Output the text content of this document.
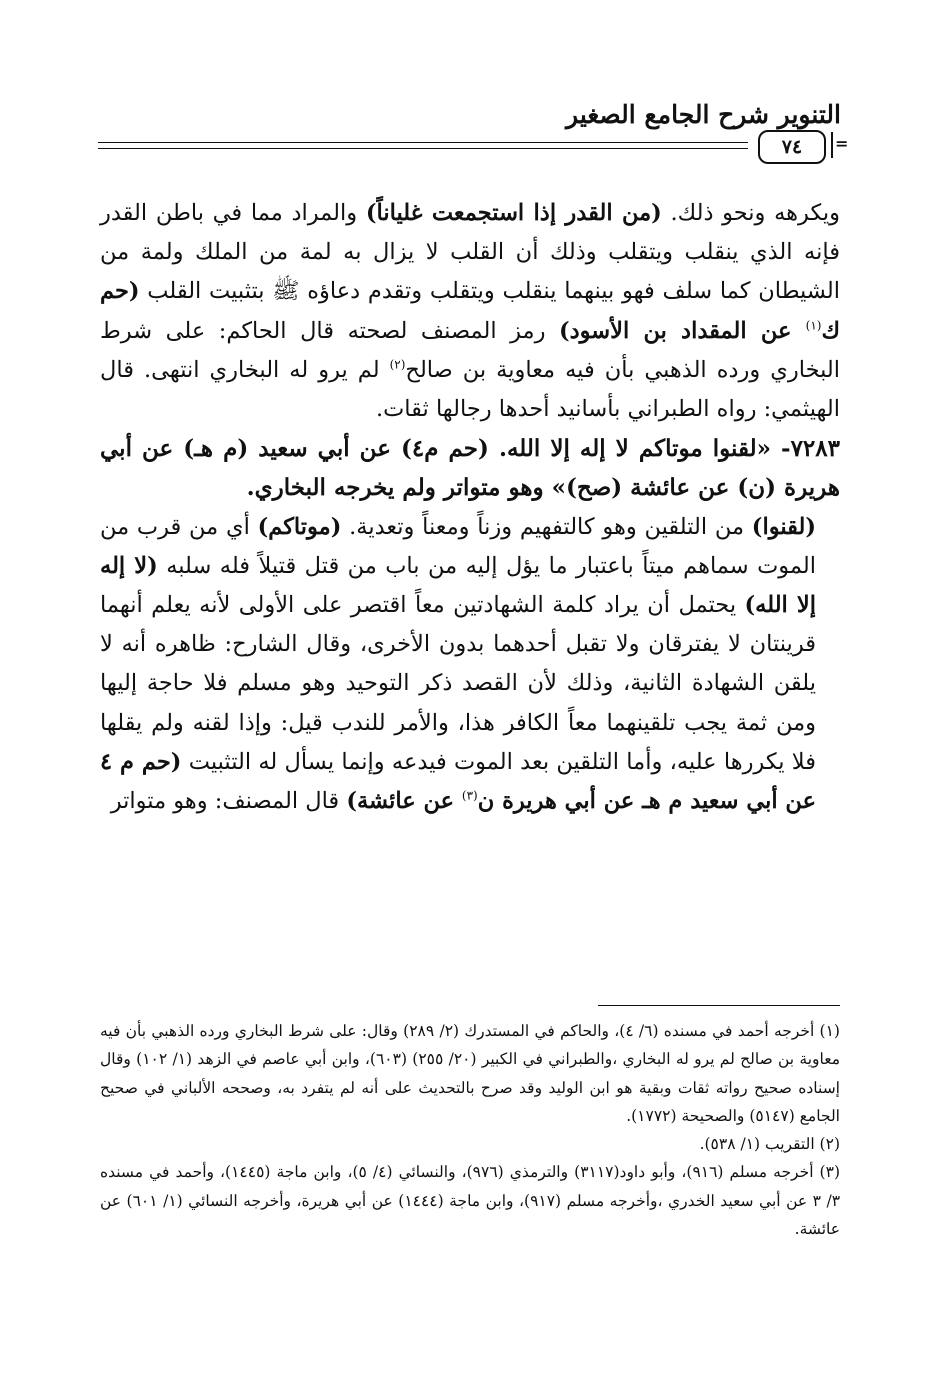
التنوير شرح الجامع الصغير
٧٤	=

ويكرهه ونحو ذلك. (من القدر إذا استجمعت غلياناً) والمراد مما في باطن القدر فإنه الذي ينقلب ويتقلب وذلك أن القلب لا يزال به لمة من الملك ولمة من الشيطان كما سلف فهو بينهما ينقلب ويتقلب وتقدم دعاؤه ﷺ بتثبيت القلب (حم ك$^{(١)}$ عن المقداد بن الأسود) رمز المصنف لصحته قال الحاكم: على شرط البخاري ورده الذهبي بأن فيه معاوية بن صالح$^{(٢)}$ لم يرو له البخاري انتهى. قال الهيثمي: رواه الطبراني بأسانيد أحدها رجالها ثقات.

٧٢٨٣- «لقنوا موتاكم لا إله إلا الله. (حم م٤) عن أبي سعيد (م هـ) عن أبي هريرة (ن) عن عائشة (صح)» وهو متواتر ولم يخرجه البخاري.

(لقنوا) من التلقين وهو كالتفهيم وزناً ومعناً وتعدية. (موتاكم) أي من قرب من الموت سماهم ميتاً باعتبار ما يؤل إليه من باب من قتل قتيلاً فله سلبه (لا إله إلا الله) يحتمل أن يراد كلمة الشهادتين معاً اقتصر على الأولى لأنه يعلم أنهما قرينتان لا يفترقان ولا تقبل أحدهما بدون الأخرى، وقال الشارح: ظاهره أنه لا يلقن الشهادة الثانية، وذلك لأن القصد ذكر التوحيد وهو مسلم فلا حاجة إليها ومن ثمة يجب تلقينهما معاً الكافر هذا، والأمر للندب قيل: وإذا لقنه ولم يقلها فلا يكررها عليه، وأما التلقين بعد الموت فيدعه وإنما يسأل له التثبيت (حم م ٤ عن أبي سعيد م هـ عن أبي هريرة ن$^{(٣)}$ عن عائشة) قال المصنف: وهو متواتر

(١) أخرجه أحمد في مسنده (٦/ ٤)، والحاكم في المستدرك (٢/ ٢٨٩) وقال: على شرط البخاري ورده الذهبي بأن فيه معاوية بن صالح لم يرو له البخاري ،والطبراني في الكبير (٢٠/ ٢٥٥) (٦٠٣)، وابن أبي عاصم في الزهد (١/ ١٠٢) وقال إسناده صحيح رواته ثقات وبقية هو ابن الوليد وقد صرح بالتحديث على أنه لم يتفرد به، وصححه الألباني في صحيح الجامع (٥١٤٧) والصحيحة (١٧٧٢).

(٢) التقريب (١/ ٥٣٨).

(٣) أخرجه مسلم (٩١٦)، وأبو داود(٣١١٧) والترمذي (٩٧٦)، والنسائي (٤/ ٥)، وابن ماجة (١٤٤٥)، وأحمد في مسنده ٣/ ٣ عن أبي سعيد الخدري ،وأخرجه مسلم (٩١٧)، وابن ماجة (١٤٤٤) عن أبي هريرة، وأخرجه النسائي (١/ ٦٠١) عن عائشة.
